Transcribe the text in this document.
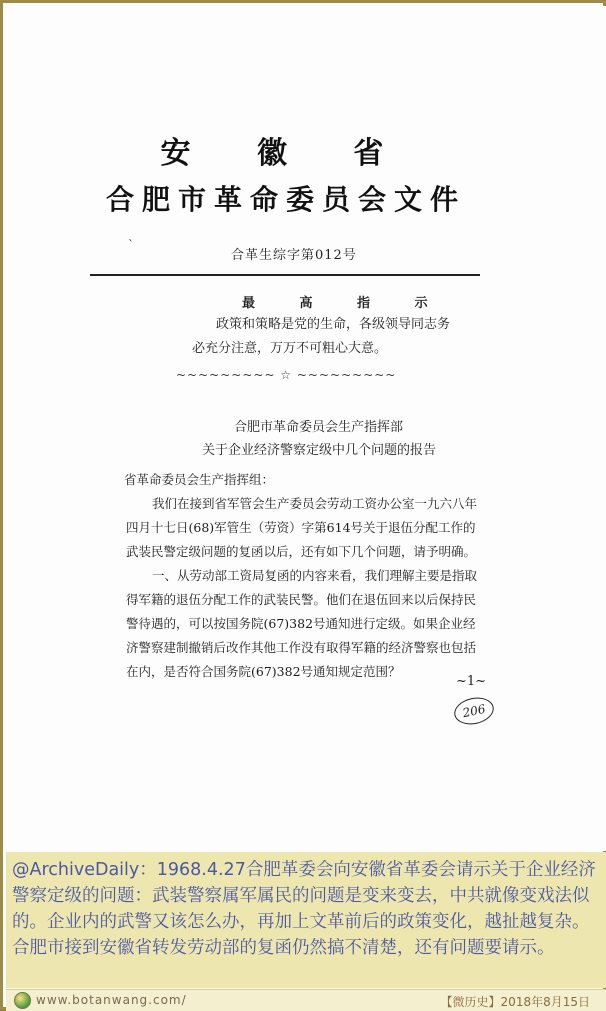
安 徽 省
合肥市革命委员会文件
`
合革生综字第012号
最 高 指 示
政策和策略是党的生命，各级领导同志务
必充分注意，万万不可粗心大意。
~~~~~~~~~ ☆ ~~~~~~~~~
合肥市革命委员会生产指挥部
关于企业经济警察定级中几个问题的报告
省革命委员会生产指挥组：
我们在接到省军管会生产委员会劳动工资办公室一九六八年
四月十七日(68)军管生（劳资）字第614号关于退伍分配工作的
武装民警定级问题的复函以后，还有如下几个问题，请予明确。
一、从劳动部工资局复函的内容来看，我们理解主要是指取
得军籍的退伍分配工作的武装民警。他们在退伍回来以后保持民
警待遇的，可以按国务院(67)382号通知进行定级。如果企业经
济警察建制撤销后改作其他工作没有取得军籍的经济警察也包括
在内，是否符合国务院(67)382号通知规定范围？
~1~
206
@ArchiveDaily：1968.4.27合肥革委会向安徽省革委会请示关于企业经济警察定级的问题：武装警察属军属民的问题是变来变去，中共就像变戏法似的。企业内的武警又该怎么办，再加上文革前后的政策变化，越扯越复杂。合肥市接到安徽省转发劳动部的复函仍然搞不清楚，还有问题要请示。
www.botanwang.com/	【微历史】2018年8月15日
